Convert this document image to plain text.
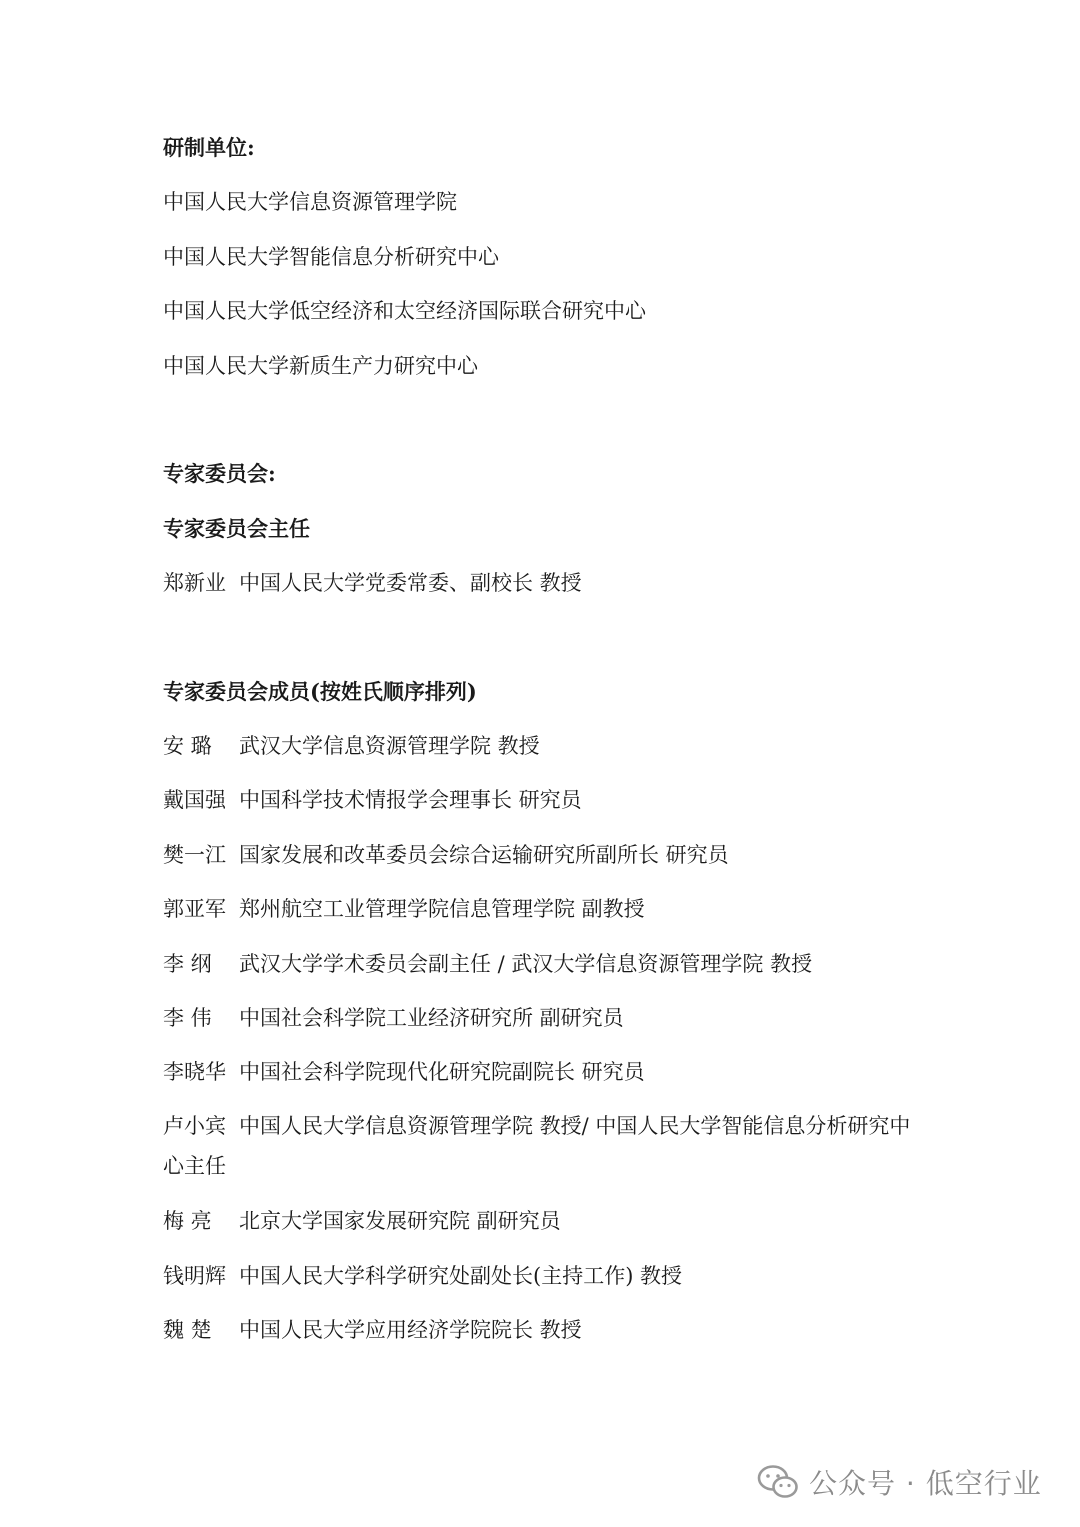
研制单位:
中国人民大学信息资源管理学院
中国人民大学智能信息分析研究中心
中国人民大学低空经济和太空经济国际联合研究中心
中国人民大学新质生产力研究中心
专家委员会:
专家委员会主任
郑新业 中国人民大学党委常委、副校长 教授
专家委员会成员(按姓氏顺序排列)
安 璐 武汉大学信息资源管理学院 教授
戴国强 中国科学技术情报学会理事长 研究员
樊一江 国家发展和改革委员会综合运输研究所副所长 研究员
郭亚军 郑州航空工业管理学院信息管理学院 副教授
李 纲 武汉大学学术委员会副主任 / 武汉大学信息资源管理学院 教授
李 伟 中国社会科学院工业经济研究所 副研究员
李晓华 中国社会科学院现代化研究院副院长 研究员
卢小宾 中国人民大学信息资源管理学院 教授/ 中国人民大学智能信息分析研究中心主任
梅 亮 北京大学国家发展研究院 副研究员
钱明辉 中国人民大学科学研究处副处长(主持工作) 教授
魏 楚 中国人民大学应用经济学院院长 教授
公众号 · 低空行业
